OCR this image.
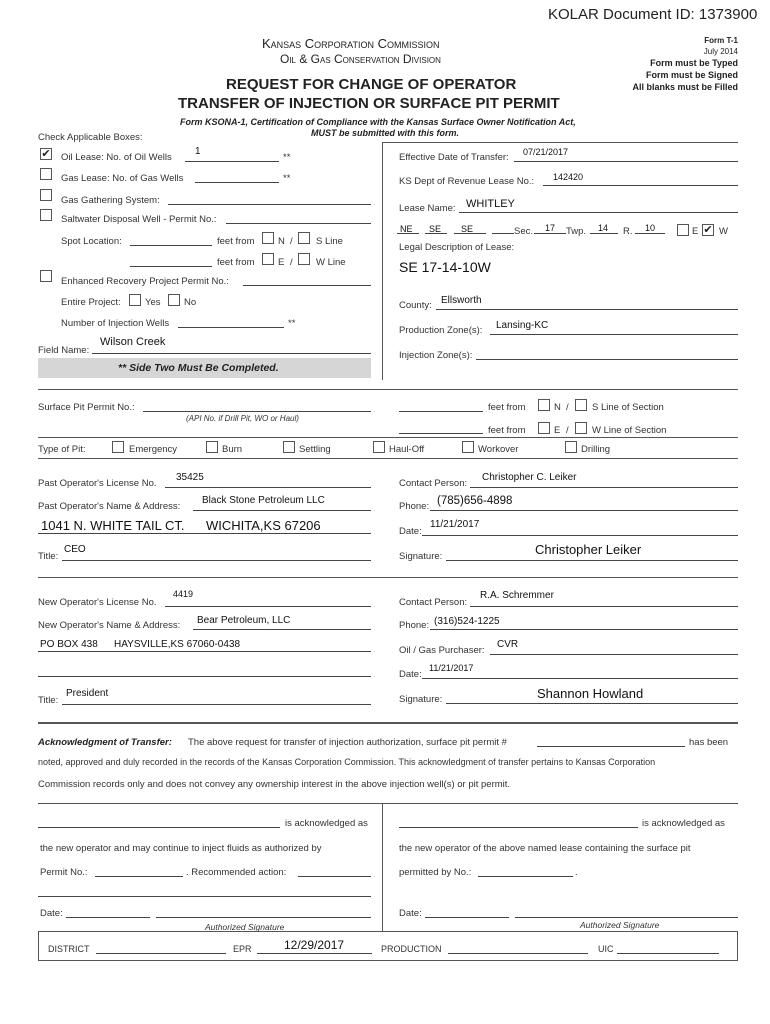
KOLAR Document ID: 1373900
Kansas Corporation Commission
Oil & Gas Conservation Division
REQUEST FOR CHANGE OF OPERATOR
TRANSFER OF INJECTION OR SURFACE PIT PERMIT
Form KSONA-1, Certification of Compliance with the Kansas Surface Owner Notification Act,
MUST be submitted with this form.
Form T-1
July 2014
Form must be Typed
Form must be Signed
All blanks must be Filled
Check Applicable Boxes:
✔ Oil Lease: No. of Oil Wells
1
**
Gas Lease: No. of Gas Wells	**
Gas Gathering System:
Saltwater Disposal Well - Permit No.:
Spot Location:	feet from N / S Line
feet from E / W Line
Enhanced Recovery Project Permit No.:
Entire Project:	Yes No
Number of Injection Wells	**
Field Name:
Wilson Creek
** Side Two Must Be Completed.
Effective Date of Transfer: 07/21/2017
KS Dept of Revenue Lease No.: 142420
Lease Name: WHITLEY
NE SE SE	Sec. 17 Twp. 14 R. 10	E ✔ W
Legal Description of Lease:
SE 17-14-10W
County: Ellsworth
Production Zone(s): Lansing-KC
Injection Zone(s):
Surface Pit Permit No.:
(API No. if Drill Pit, WO or Haul)
feet from	N / S Line of Section
feet from	E / W Line of Section
Type of Pit:	Emergency	Burn	Settling	Haul-Off	Workover	Drilling
Past Operator's License No.
35425
Past Operator's Name & Address:
Black Stone Petroleum LLC
1041 N. WHITE TAIL CT. WICHITA,KS 67206
Title:
CEO
Contact Person:
Christopher C. Leiker
Phone: (785)656-4898
Date:
11/21/2017
Signature:	Christopher Leiker
New Operator's License No.
4419
New Operator's Name & Address: Bear Petroleum, LLC
PO BOX 438 HAYSVILLE,KS 67060-0438
Title:
President
Contact Person:
R.A. Schremmer
Phone: (316)524-1225
Oil / Gas Purchaser:
CVR
Date:
11/21/2017
Signature:	Shannon Howland
Acknowledgment of Transfer: The above request for transfer of injection authorization, surface pit permit #	has been
noted, approved and duly recorded in the records of the Kansas Corporation Commission. This acknowledgment of transfer pertains to Kansas Corporation
Commission records only and does not convey any ownership interest in the above injection well(s) or pit permit.
is acknowledged as
the new operator and may continue to inject fluids as authorized by
Permit No.:	. Recommended action:
is acknowledged as
the new operator of the above named lease containing the surface pit
permitted by No.:	.
Date:
Authorized Signature
Date:
Authorized Signature
DISTRICT	EPR	12/29/2017	PRODUCTION	UIC
